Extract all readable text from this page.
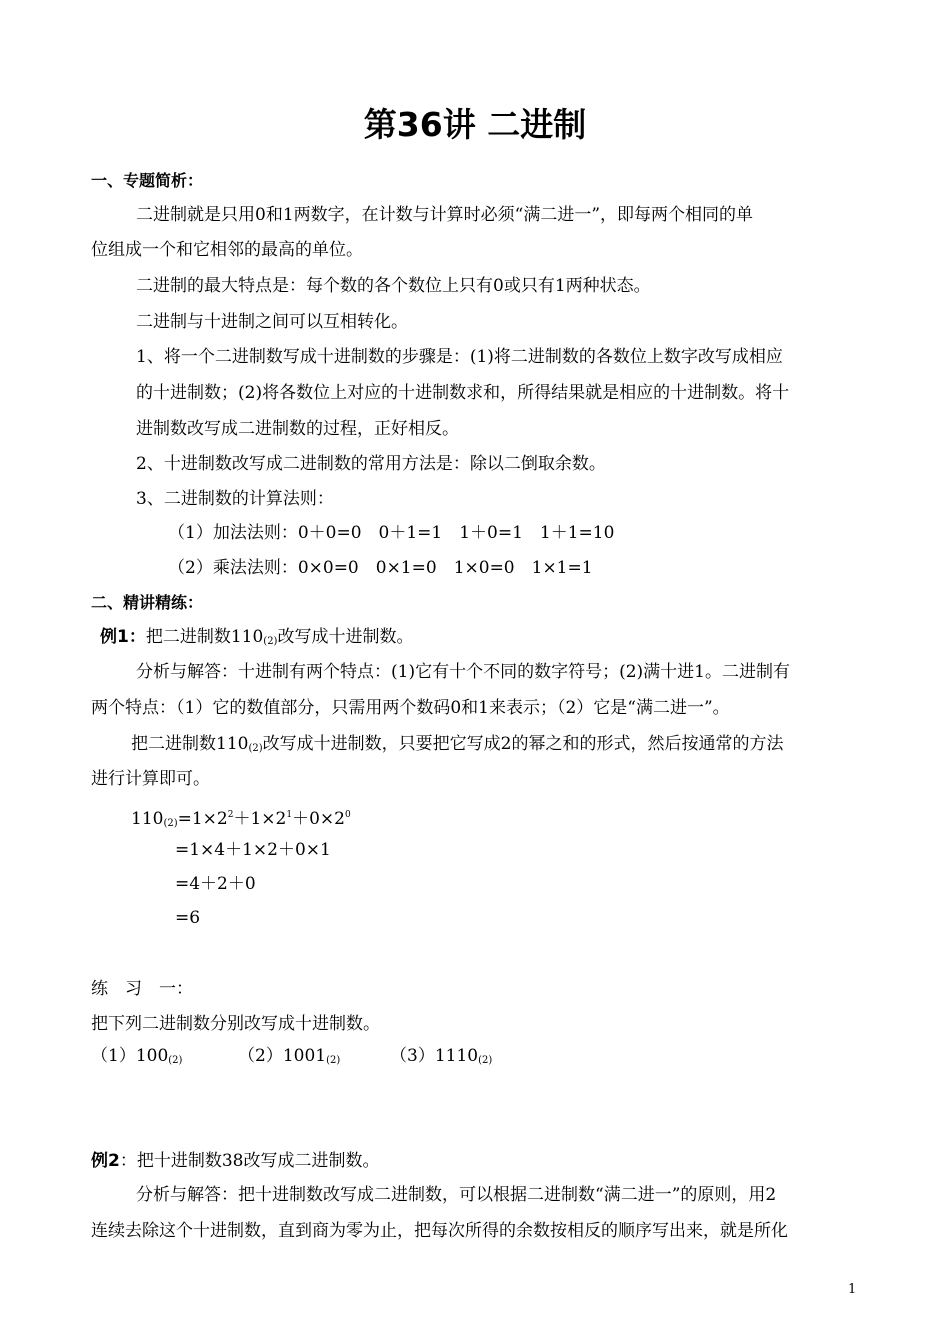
第36讲 二进制
一、专题简析：
二进制就是只用0和1两数字，在计数与计算时必须“满二进一”，即每两个相同的单
位组成一个和它相邻的最高的单位。
二进制的最大特点是：每个数的各个数位上只有0或只有1两种状态。
二进制与十进制之间可以互相转化。
1、将一个二进制数写成十进制数的步骤是：(1)将二进制数的各数位上数字改写成相应
的十进制数；(2)将各数位上对应的十进制数求和，所得结果就是相应的十进制数。将十
进制数改写成二进制数的过程，正好相反。
2、十进制数改写成二进制数的常用方法是：除以二倒取余数。
3、二进制数的计算法则：
（1）加法法则：0＋0=0　0＋1=1　1＋0=1　1＋1=10
（2）乘法法则：0×0=0　0×1=0　1×0=0　1×1=1
二、精讲精练：
例1：把二进制数$110_{(2)}$改写成十进制数。
分析与解答：十进制有两个特点：(1)它有十个不同的数字符号；(2)满十进1。二进制有
两个特点：（1）它的数值部分，只需用两个数码0和1来表示；（2）它是“满二进一”。
把二进制数$110_{(2)}$改写成十进制数，只要把它写成2的幂之和的形式，然后按通常的方法
进行计算即可。
$110_{(2)}=1\times 2^2+1\times 2^1+0\times 2^0$
=1×4＋1×2＋0×1
=4＋2＋0
=6
练　习　一：
把下列二进制数分别改写成十进制数。
$(1)100_{(2)}$	$(2)1001_{(2)}$	$(3)1110_{(2)}$
例2：把十进制数38改写成二进制数。
分析与解答：把十进制数改写成二进制数，可以根据二进制数“满二进一”的原则，用2
连续去除这个十进制数，直到商为零为止，把每次所得的余数按相反的顺序写出来，就是所化
1
